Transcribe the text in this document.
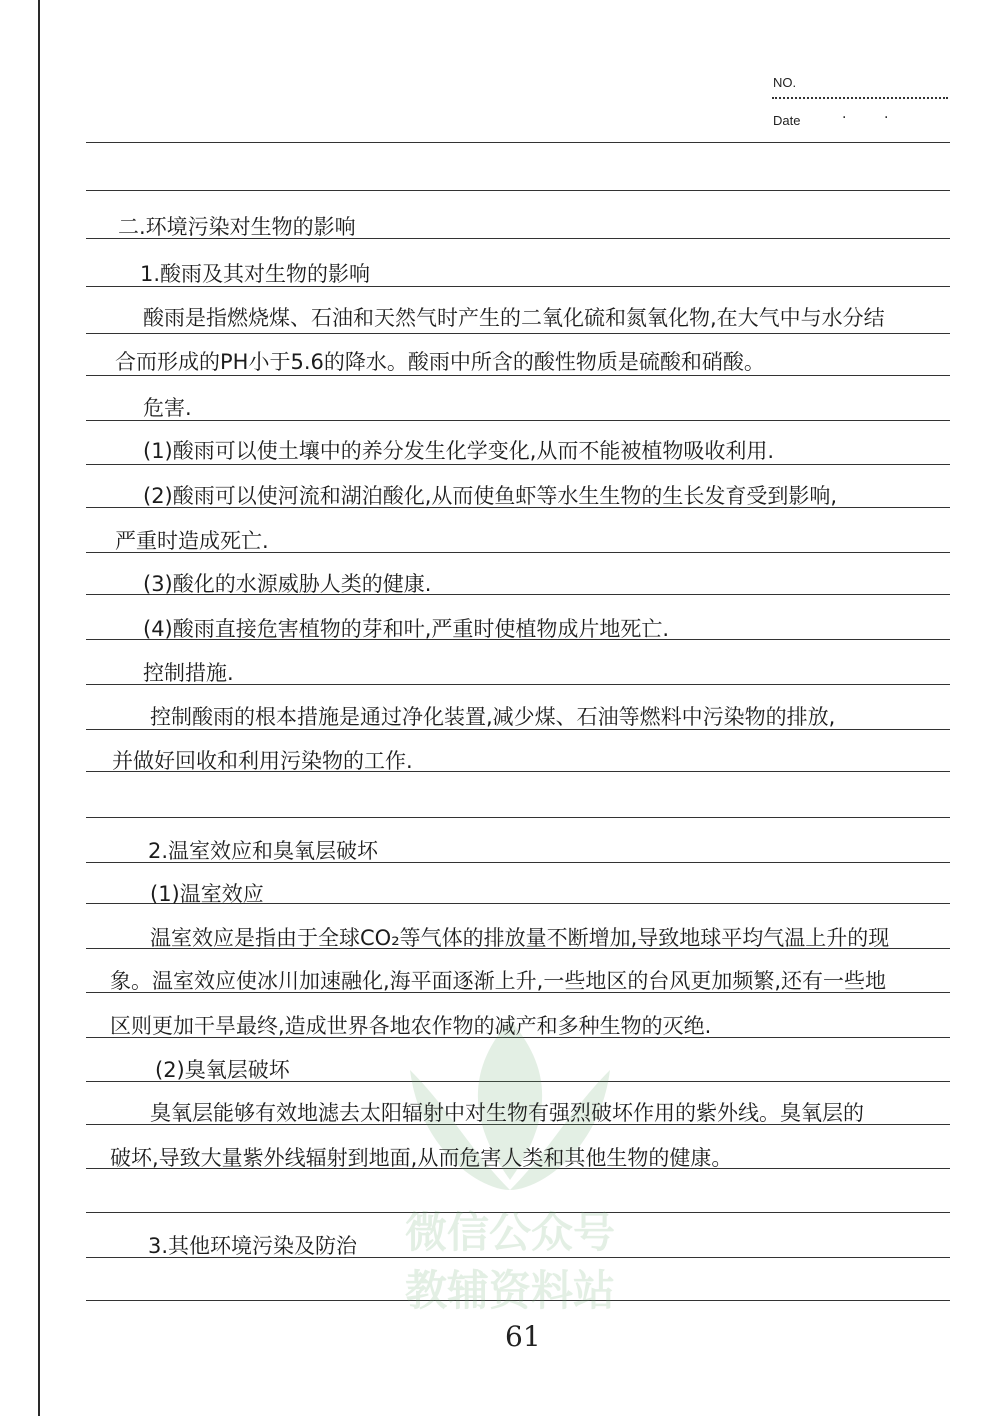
NO.
Date	·	·
微信公众号
教辅资料站
二.环境污染对生物的影响
1.酸雨及其对生物的影响
酸雨是指燃烧煤、石油和天然气时产生的二氧化硫和氮氧化物,在大气中与水分结
合而形成的PH小于5.6的降水。酸雨中所含的酸性物质是硫酸和硝酸。
危害.
(1)酸雨可以使土壤中的养分发生化学变化,从而不能被植物吸收利用.
(2)酸雨可以使河流和湖泊酸化,从而使鱼虾等水生生物的生长发育受到影响,
严重时造成死亡.
(3)酸化的水源威胁人类的健康.
(4)酸雨直接危害植物的芽和叶,严重时使植物成片地死亡.
控制措施.
控制酸雨的根本措施是通过净化装置,减少煤、石油等燃料中污染物的排放,
并做好回收和利用污染物的工作.
2.温室效应和臭氧层破坏
(1)温室效应
温室效应是指由于全球CO₂等气体的排放量不断增加,导致地球平均气温上升的现
象。温室效应使冰川加速融化,海平面逐渐上升,一些地区的台风更加频繁,还有一些地
区则更加干旱最终,造成世界各地农作物的减产和多种生物的灭绝.
(2)臭氧层破坏
臭氧层能够有效地滤去太阳辐射中对生物有强烈破坏作用的紫外线。臭氧层的
破坏,导致大量紫外线辐射到地面,从而危害人类和其他生物的健康。
3.其他环境污染及防治
61
